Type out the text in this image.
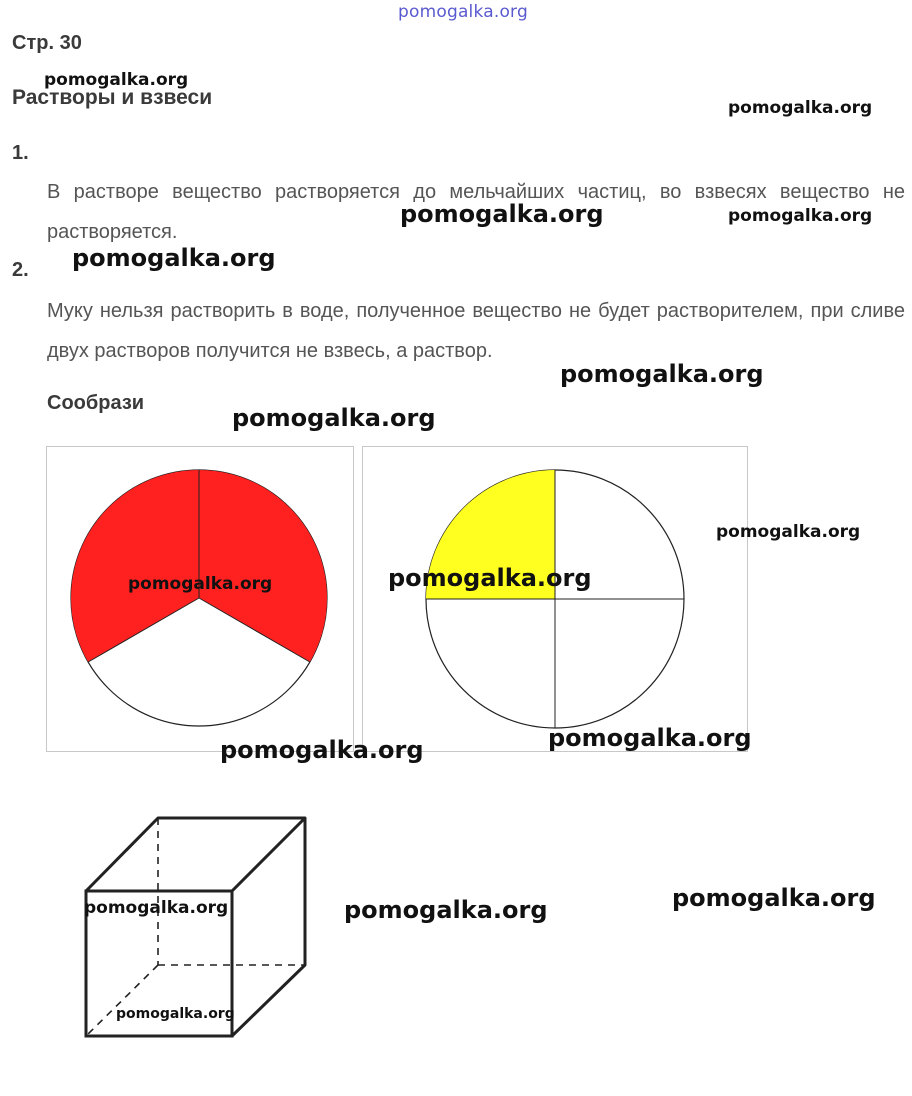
pomogalka.org
Стр. 30
Растворы и взвеси
1.
В растворе вещество растворяется до мельчайших частиц, во взвесях вещество не растворяется.
2.
Муку нельзя растворить в воде, полученное вещество не будет растворителем, при сливе двух растворов получится не взвесь, а раствор.
Сообрази
pomogalka.org
pomogalka.org
pomogalka.org	pomogalka.org
pomogalka.org
pomogalka.org
pomogalka.org
pomogalka.org
pomogalka.org	pomogalka.org
pomogalka.org
pomogalka.org
pomogalka.org
pomogalka.org
pomogalka.org
pomogalka.org
